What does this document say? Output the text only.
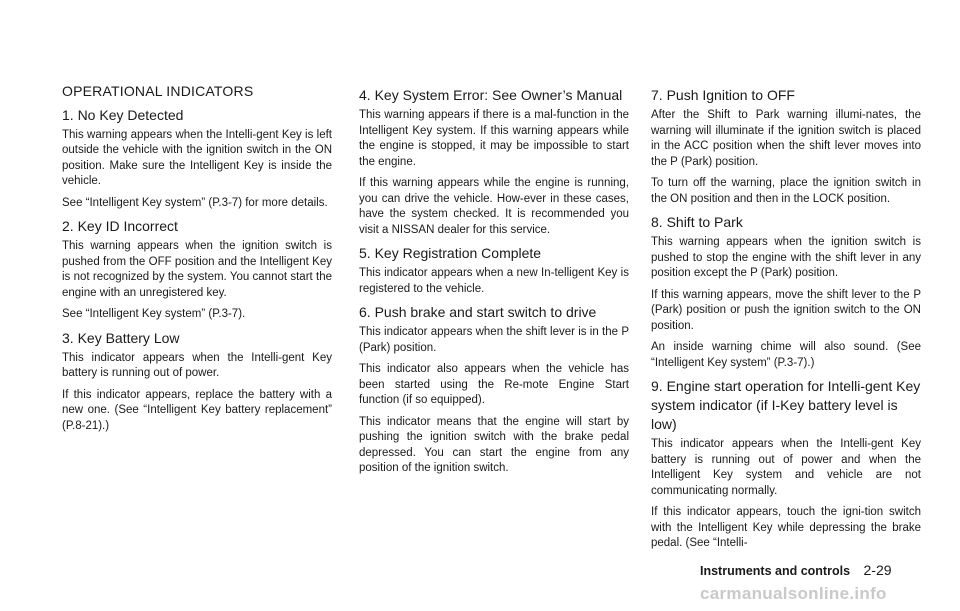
OPERATIONAL INDICATORS
1. No Key Detected
This warning appears when the Intelli-gent Key is left outside the vehicle with the ignition switch in the ON position. Make sure the Intelligent Key is inside the vehicle.
See “Intelligent Key system” (P.3-7) for more details.
2. Key ID Incorrect
This warning appears when the ignition switch is pushed from the OFF position and the Intelligent Key is not recognized by the system. You cannot start the engine with an unregistered key.
See “Intelligent Key system” (P.3-7).
3. Key Battery Low
This indicator appears when the Intelli-gent Key battery is running out of power.
If this indicator appears, replace the battery with a new one. (See “Intelligent Key battery replacement” (P.8-21).)
4. Key System Error: See Owner’s Manual
This warning appears if there is a mal-function in the Intelligent Key system. If this warning appears while the engine is stopped, it may be impossible to start the engine.
If this warning appears while the engine is running, you can drive the vehicle. How-ever in these cases, have the system checked. It is recommended you visit a NISSAN dealer for this service.
5. Key Registration Complete
This indicator appears when a new In-telligent Key is registered to the vehicle.
6. Push brake and start switch to drive
This indicator appears when the shift lever is in the P (Park) position.
This indicator also appears when the vehicle has been started using the Re-mote Engine Start function (if so equipped).
This indicator means that the engine will start by pushing the ignition switch with the brake pedal depressed. You can start the engine from any position of the ignition switch.
7. Push Ignition to OFF
After the Shift to Park warning illumi-nates, the warning will illuminate if the ignition switch is placed in the ACC position when the shift lever moves into the P (Park) position.
To turn off the warning, place the ignition switch in the ON position and then in the LOCK position.
8. Shift to Park
This warning appears when the ignition switch is pushed to stop the engine with the shift lever in any position except the P (Park) position.
If this warning appears, move the shift lever to the P (Park) position or push the ignition switch to the ON position.
An inside warning chime will also sound. (See “Intelligent Key system” (P.3-7).)
9. Engine start operation for Intelli-gent Key system indicator (if I-Key battery level is low)
This indicator appears when the Intelli-gent Key battery is running out of power and when the Intelligent Key system and vehicle are not communicating normally.
If this indicator appears, touch the igni-tion switch with the Intelligent Key while depressing the brake pedal. (See “Intelli-
Instruments and controls 2-29
carmanualsonline.info
